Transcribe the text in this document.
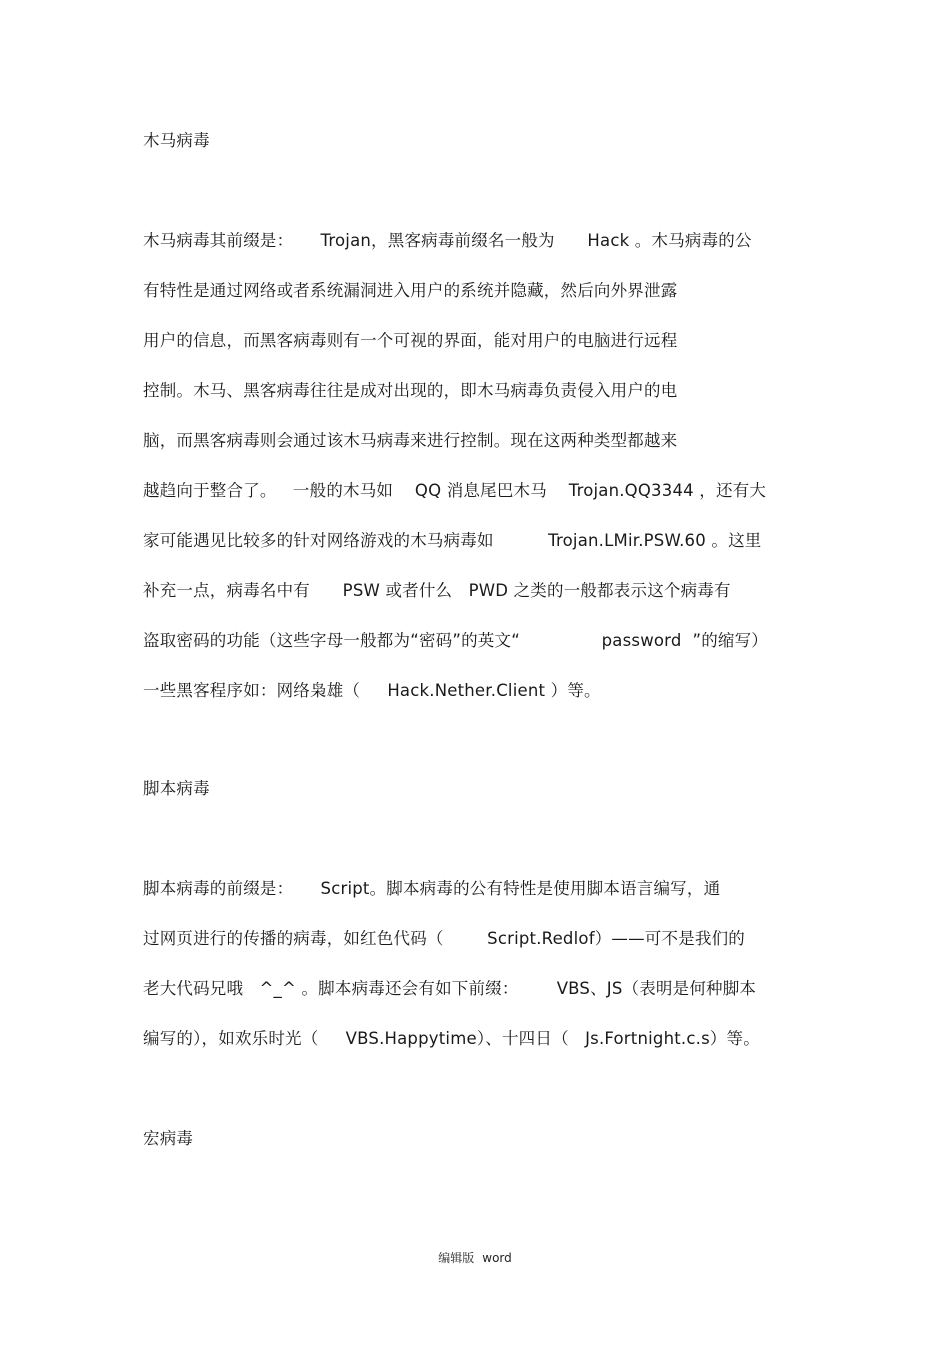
木马病毒
木马病毒其前缀是：     Trojan，黑客病毒前缀名一般为      Hack 。木马病毒的公
有特性是通过网络或者系统漏洞进入用户的系统并隐藏，然后向外界泄露
用户的信息，而黑客病毒则有一个可视的界面，能对用户的电脑进行远程
控制。木马、黑客病毒往往是成对出现的，即木马病毒负责侵入用户的电
脑，而黑客病毒则会通过该木马病毒来进行控制。现在这两种类型都越来
越趋向于整合了。   一般的木马如    QQ 消息尾巴木马    Trojan.QQ3344 ，还有大
家可能遇见比较多的针对网络游戏的木马病毒如          Trojan.LMir.PSW.60 。这里
补充一点，病毒名中有      PSW 或者什么   PWD 之类的一般都表示这个病毒有
盗取密码的功能（这些字母一般都为“密码”的英文“               password  ”的缩写）
一些黑客程序如：网络枭雄（     Hack.Nether.Client ）等。
脚本病毒
脚本病毒的前缀是：     Script。脚本病毒的公有特性是使用脚本语言编写，通
过网页进行的传播的病毒，如红色代码（        Script.Redlof）——可不是我们的
老大代码兄哦   ^_^ 。脚本病毒还会有如下前缀：       VBS、JS（表明是何种脚本
编写的），如欢乐时光（     VBS.Happytime）、十四日（   Js.Fortnight.c.s）等。
宏病毒
编辑版 word
